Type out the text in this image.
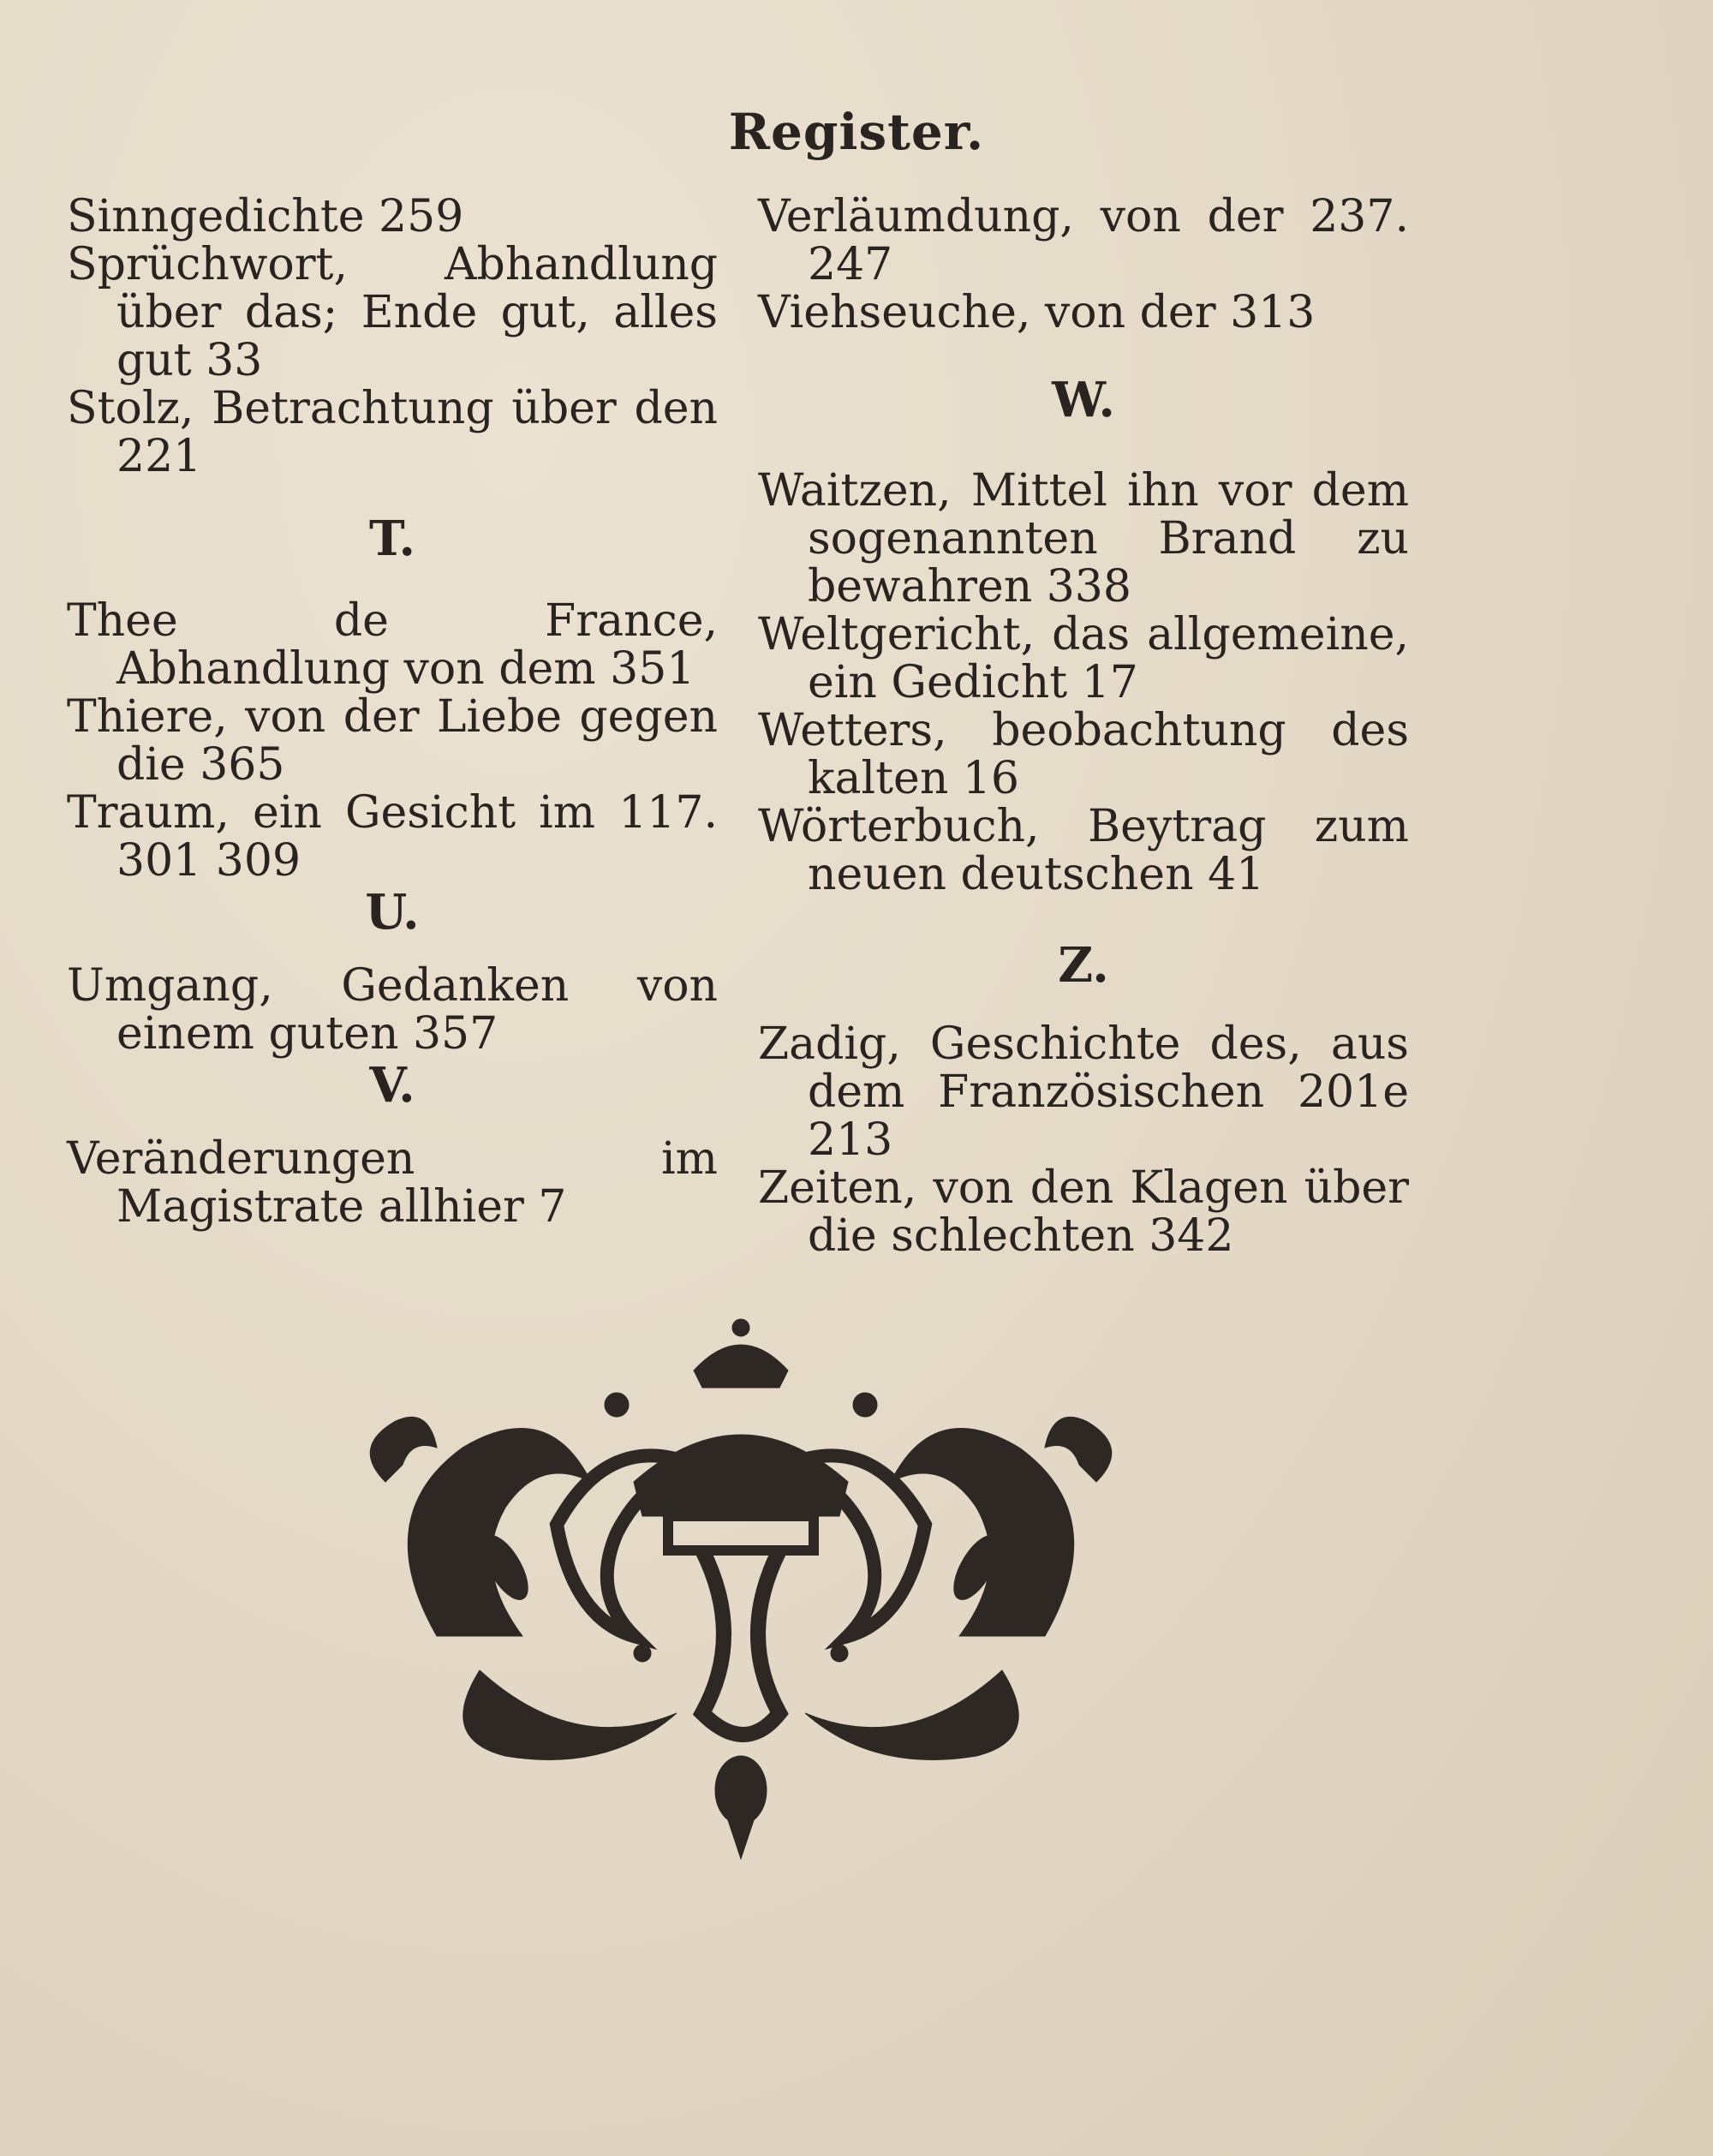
Register.
Sinngedichte 259
Sprüchwort, Abhandlung über das; Ende gut, alles gut 33
Stolz, Betrachtung über den 221
T.
Thee de France, Abhandlung von dem 351
Thiere, von der Liebe gegen die 365
Traum, ein Gesicht im 117. 301 309
U.
Umgang, Gedanken von einem guten 357
V.
Veränderungen im Magistrate allhier 7
Verläumdung, von der 237. 247
Viehseuche, von der 313
W.
Waitzen, Mittel ihn vor dem sogenannten Brand zu bewahren 338
Weltgericht, das allgemeine, ein Gedicht 17
Wetters, beobachtung des kalten 16
Wörterbuch, Beytrag zum neuen deutschen 41
Z.
Zadig, Geschichte des, aus dem Französischen 201e 213
Zeiten, von den Klagen über die schlechten 342
